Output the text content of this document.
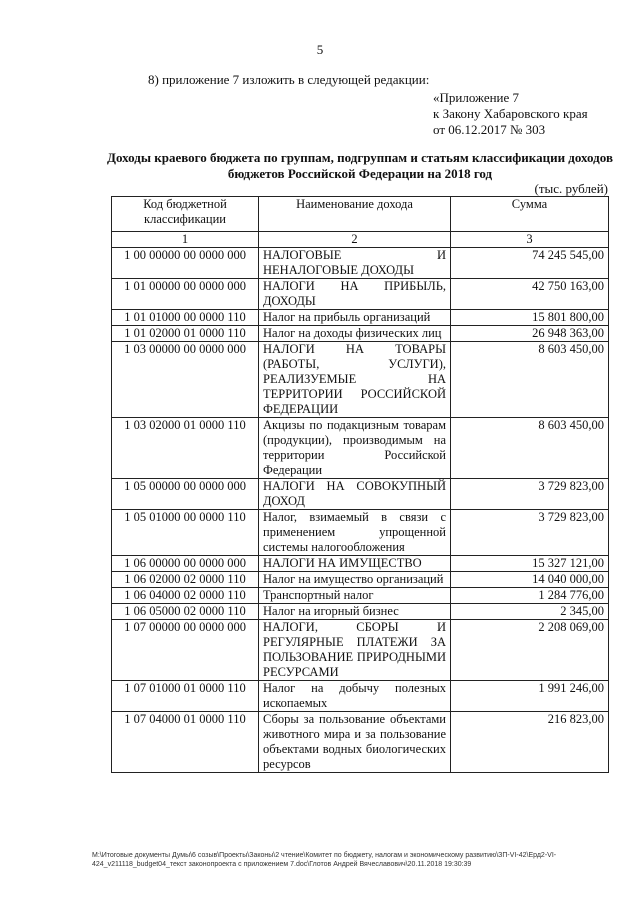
5
8) приложение 7 изложить в следующей редакции:
«Приложение 7
к Закону Хабаровского края
от 06.12.2017 № 303
Доходы краевого бюджета по группам, подгруппам и статьям классификации доходов бюджетов Российской Федерации на 2018 год
(тыс. рублей)
Код бюджетной классификации	Наименование дохода	Сумма
1	2	3
1 00 00000 00 0000 000	НАЛОГОВЫЕ И НЕНАЛОГОВЫЕ ДОХОДЫ	74 245 545,00
1 01 00000 00 0000 000	НАЛОГИ НА ПРИБЫЛЬ, ДОХОДЫ	42 750 163,00
1 01 01000 00 0000 110	Налог на прибыль организаций	15 801 800,00
1 01 02000 01 0000 110	Налог на доходы физических лиц	26 948 363,00
1 03 00000 00 0000 000	НАЛОГИ НА ТОВАРЫ (РАБОТЫ, УСЛУГИ), РЕАЛИЗУЕМЫЕ НА ТЕРРИТОРИИ РОССИЙСКОЙ ФЕДЕРАЦИИ	8 603 450,00
1 03 02000 01 0000 110	Акцизы по подакцизным товарам (продукции), производимым на территории Российской Федерации	8 603 450,00
1 05 00000 00 0000 000	НАЛОГИ НА СОВОКУПНЫЙ ДОХОД	3 729 823,00
1 05 01000 00 0000 110	Налог, взимаемый в связи с применением упрощенной системы налогообложения	3 729 823,00
1 06 00000 00 0000 000	НАЛОГИ НА ИМУЩЕСТВО	15 327 121,00
1 06 02000 02 0000 110	Налог на имущество организаций	14 040 000,00
1 06 04000 02 0000 110	Транспортный налог	1 284 776,00
1 06 05000 02 0000 110	Налог на игорный бизнес	2 345,00
1 07 00000 00 0000 000	НАЛОГИ, СБОРЫ И РЕГУЛЯРНЫЕ ПЛАТЕЖИ ЗА ПОЛЬЗОВАНИЕ ПРИРОДНЫМИ РЕСУРСАМИ	2 208 069,00
1 07 01000 01 0000 110	Налог на добычу полезных ископаемых	1 991 246,00
1 07 04000 01 0000 110	Сборы за пользование объектами животного мира и за пользование объектами водных биологических ресурсов	216 823,00
М:\Итоговые документы Думы\6 созыв\Проекты\Законы\2 чтение\Комитет по бюджету, налогам и экономическому развитию\ЗП-VI-42\Ерд2-VI-424_v211118_budget04_текст законопроекта с приложением 7.doc\Глотов Андрей Вячеславович\20.11.2018 19:30:39
